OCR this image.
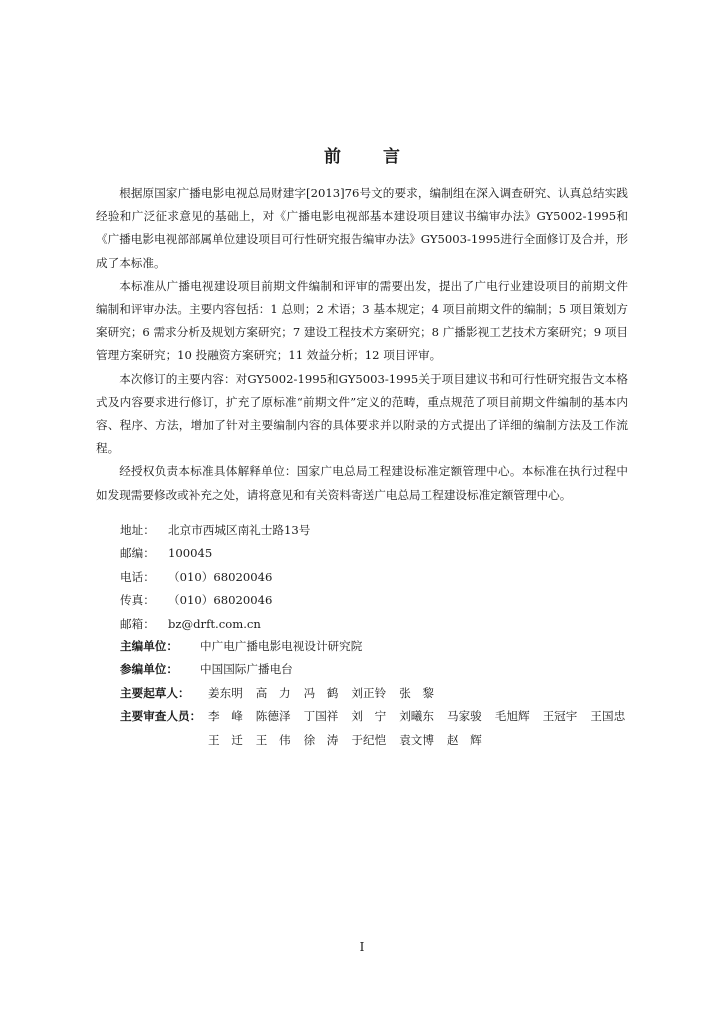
前 言

根据原国家广播电影电视总局财建字[2013]76号文的要求，编制组在深入调查研究、认真总结实践经验和广泛征求意见的基础上，对《广播电影电视部基本建设项目建议书编审办法》GY5002-1995和《广播电影电视部部属单位建设项目可行性研究报告编审办法》GY5003-1995进行全面修订及合并，形成了本标准。

本标准从广播电视建设项目前期文件编制和评审的需要出发，提出了广电行业建设项目的前期文件编制和评审办法。主要内容包括：1 总则；2 术语；3 基本规定；4 项目前期文件的编制；5 项目策划方案研究；6 需求分析及规划方案研究；7 建设工程技术方案研究；8 广播影视工艺技术方案研究；9 项目管理方案研究；10 投融资方案研究；11 效益分析；12 项目评审。

本次修订的主要内容：对GY5002-1995和GY5003-1995关于项目建议书和可行性研究报告文本格式及内容要求进行修订，扩充了原标准“前期文件”定义的范畴，重点规范了项目前期文件编制的基本内容、程序、方法，增加了针对主要编制内容的具体要求并以附录的方式提出了详细的编制方法及工作流程。

经授权负责本标准具体解释单位：国家广电总局工程建设标准定额管理中心。本标准在执行过程中如发现需要修改或补充之处，请将意见和有关资料寄送广电总局工程建设标准定额管理中心。

地址：	北京市西城区南礼士路13号
邮编：	100045
电话：	（010）68020046
传真：	（010）68020046
邮箱：	bz@drft.com.cn
主编单位：	中广电广播电影电视设计研究院
参编单位：	中国国际广播电台
主要起草人：	姜东明 高　力 冯　鹤 刘正铃 张　黎
主要审查人员： 李　峰 陈德泽 丁国祥 刘　宁 刘曦东 马家骏 毛旭辉 王冠宇 王国忠
王　迁 王　伟 徐　涛 于纪恺 袁文博 赵　辉
I
